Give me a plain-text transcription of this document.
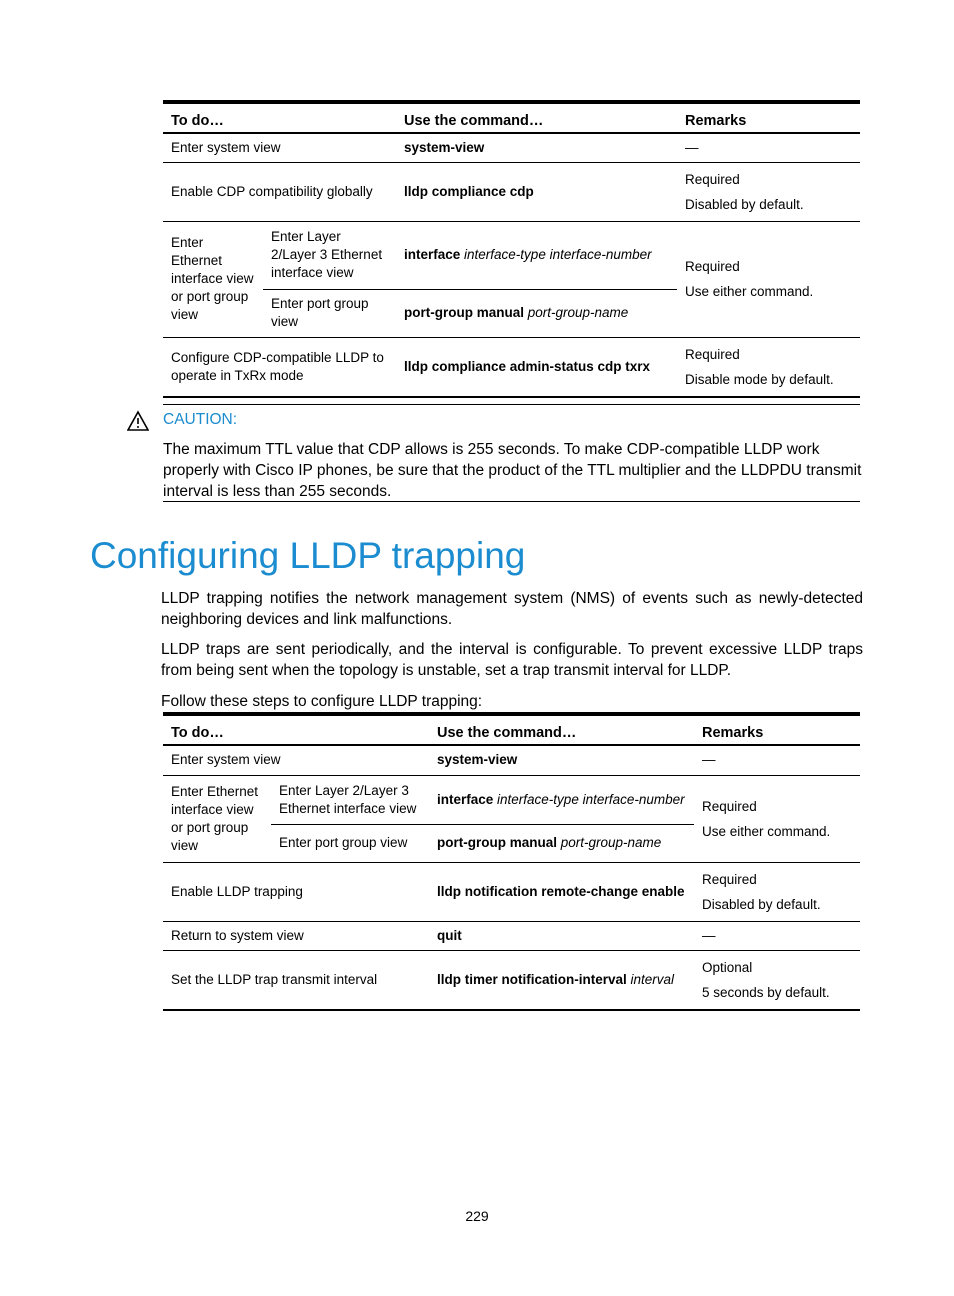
To do…		Use the command…	Remarks
Enter system view		system-view	—
Enable CDP compatibility globally		lldp compliance cdp	Required
Disabled by default.

Enter Ethernet interface view or port group view	Enter Layer 2/Layer 3 Ethernet interface view	interface interface-type interface-number	Required
Use either command.

	Enter port group view	port-group manual port-group-name	
Configure CDP-compatible LLDP to operate in TxRx mode		lldp compliance admin-status cdp txrx	Required
Disable mode by default.
CAUTION:
The maximum TTL value that CDP allows is 255 seconds. To make CDP-compatible LLDP work properly with Cisco IP phones, be sure that the product of the TTL multiplier and the LLDPDU transmit interval is less than 255 seconds.
Configuring LLDP trapping

LLDP trapping notifies the network management system (NMS) of events such as newly-detected neighboring devices and link malfunctions.

LLDP traps are sent periodically, and the interval is configurable. To prevent excessive LLDP traps from being sent when the topology is unstable, set a trap transmit interval for LLDP.

Follow these steps to configure LLDP trapping:

To do…		Use the command…	Remarks
Enter system view		system-view	—
Enter Ethernet interface view or port group view	Enter Layer 2/Layer 3 Ethernet interface view	interface interface-type interface-number	Required
Use either command.

	Enter port group view	port-group manual port-group-name	
Enable LLDP trapping		lldp notification remote-change enable	Required
Disabled by default.

Return to system view		quit	—
Set the LLDP trap transmit interval		lldp timer notification-interval interval	Optional
5 seconds by default.
229
